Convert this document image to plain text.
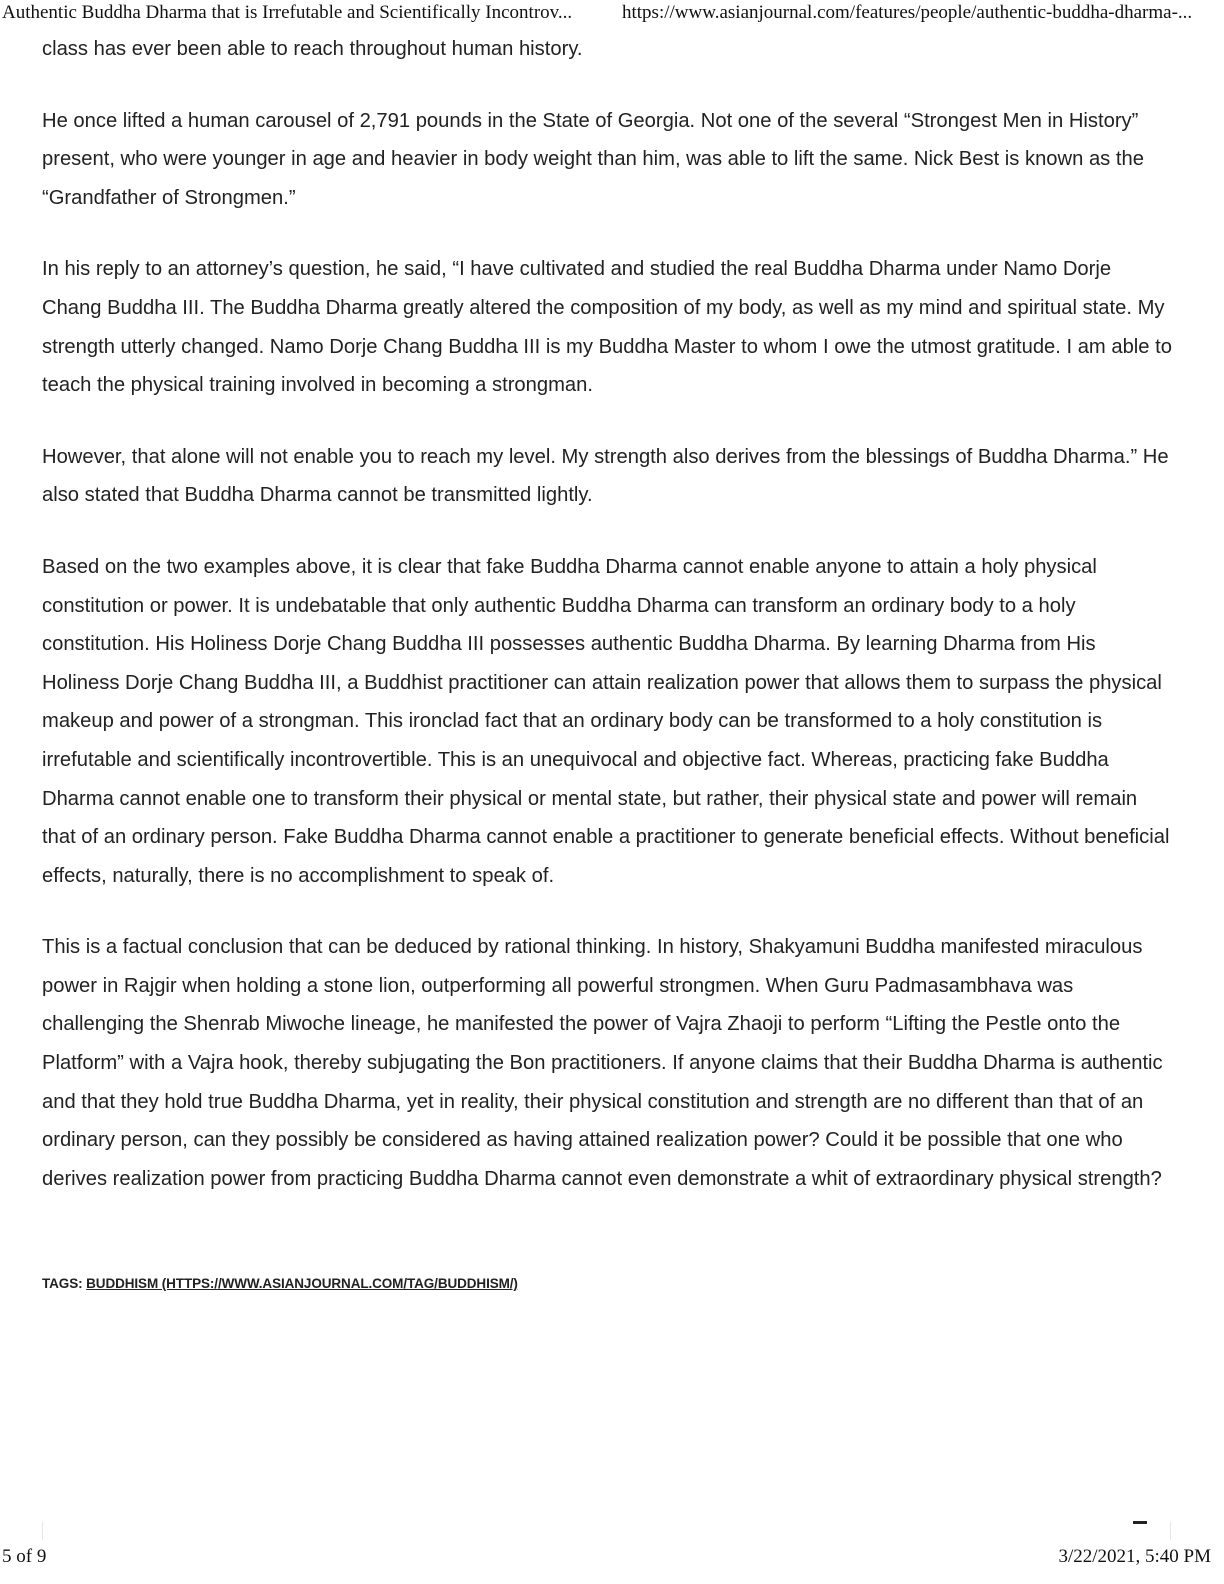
Authentic Buddha Dharma that is Irrefutable and Scientifically Incontrov...	https://www.asianjournal.com/features/people/authentic-buddha-dharma-...

class has ever been able to reach throughout human history.

He once lifted a human carousel of 2,791 pounds in the State of Georgia. Not one of the several “Strongest Men in History” present, who were younger in age and heavier in body weight than him, was able to lift the same. Nick Best is known as the “Grandfather of Strongmen.”

In his reply to an attorney’s question, he said, “I have cultivated and studied the real Buddha Dharma under Namo Dorje Chang Buddha III. The Buddha Dharma greatly altered the composition of my body, as well as my mind and spiritual state. My strength utterly changed. Namo Dorje Chang Buddha III is my Buddha Master to whom I owe the utmost gratitude. I am able to teach the physical training involved in becoming a strongman.

However, that alone will not enable you to reach my level. My strength also derives from the blessings of Buddha Dharma.” He also stated that Buddha Dharma cannot be transmitted lightly.

Based on the two examples above, it is clear that fake Buddha Dharma cannot enable anyone to attain a holy physical constitution or power. It is undebatable that only authentic Buddha Dharma can transform an ordinary body to a holy constitution. His Holiness Dorje Chang Buddha III possesses authentic Buddha Dharma. By learning Dharma from His Holiness Dorje Chang Buddha III, a Buddhist practitioner can attain realization power that allows them to surpass the physical makeup and power of a strongman. This ironclad fact that an ordinary body can be transformed to a holy constitution is irrefutable and scientifically incontrovertible. This is an unequivocal and objective fact. Whereas, practicing fake Buddha Dharma cannot enable one to transform their physical or mental state, but rather, their physical state and power will remain that of an ordinary person. Fake Buddha Dharma cannot enable a practitioner to generate beneficial effects. Without beneficial effects, naturally, there is no accomplishment to speak of.

This is a factual conclusion that can be deduced by rational thinking. In history, Shakyamuni Buddha manifested miraculous power in Rajgir when holding a stone lion, outperforming all powerful strongmen. When Guru Padmasambhava was challenging the Shenrab Miwoche lineage, he manifested the power of Vajra Zhaoji to perform “Lifting the Pestle onto the Platform” with a Vajra hook, thereby subjugating the Bon practitioners. If anyone claims that their Buddha Dharma is authentic and that they hold true Buddha Dharma, yet in reality, their physical constitution and strength are no different than that of an ordinary person, can they possibly be considered as having attained realization power? Could it be possible that one who derives realization power from practicing Buddha Dharma cannot even demonstrate a whit of extraordinary physical strength?

TAGS: BUDDHISM (HTTPS://WWW.ASIANJOURNAL.COM/TAG/BUDDHISM/)
5 of 9	3/22/2021, 5:40 PM
